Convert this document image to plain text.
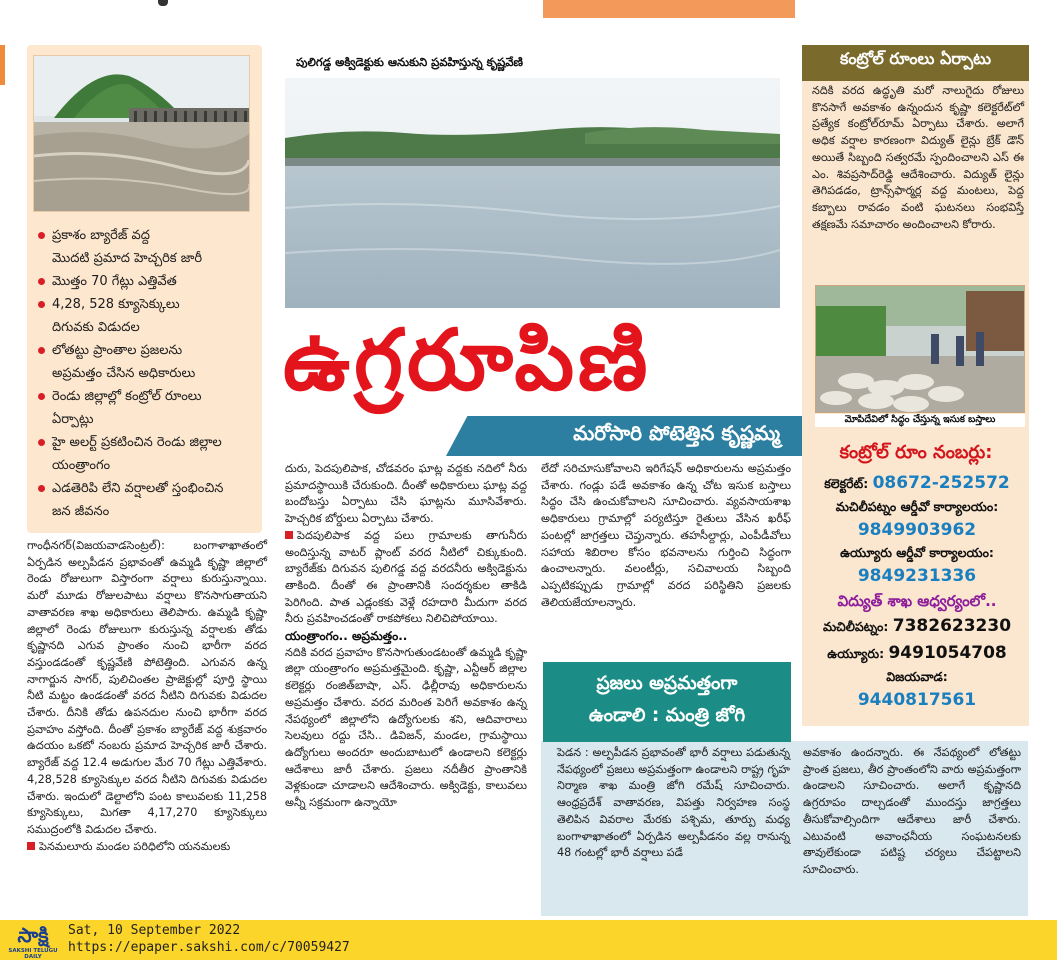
ప్రకాశం బ్యారేజ్ వద్ద
మొదటి ప్రమాద హెచ్చరిక జారీ
మొత్తం 70 గేట్లు ఎత్తివేత
4,28, 528 క్యూసెక్కులు
దిగువకు విడుదల
లోతట్టు ప్రాంతాల ప్రజలను
అప్రమత్తం చేసిన అధికారులు
రెండు జిల్లాల్లో కంట్రోల్ రూంలు
ఏర్పాట్లు
హై అలర్ట్ ప్రకటించిన రెండు జిల్లాల
యంత్రాంగం
ఎడతెరిపి లేని వర్షాలతో స్తంభించిన
జన జీవనం
పులిగడ్డ అక్విడెక్టుకు ఆనుకుని ప్రవహిస్తున్న కృష్ణవేణి
ఉగ్రరూపిణి
మరోసారి పోటెత్తిన కృష్ణమ్మ

గాంధీనగర్(విజయవాడసెంట్రల్): బంగాళాఖాతంలో ఏర్పడిన అల్పపీడన ప్రభావంతో ఉమ్మడి కృష్ణా జిల్లాలో రెండు రోజులుగా విస్తారంగా వర్షాలు కురుస్తున్నాయి. మరో మూడు రోజులపాటు వర్షాలు కొనసాగుతాయని వాతావరణ శాఖ అధికారులు తెలిపారు. ఉమ్మడి కృష్ణా జిల్లాలో రెండు రోజులుగా కురుస్తున్న వర్షాలకు తోడు కృష్ణానది ఎగువ ప్రాంతం నుంచి భారీగా వరద వస్తుండడంతో కృష్ణవేణి పోటెత్తింది. ఎగువన ఉన్న నాగార్జున సాగర్, పులిచింతల ప్రాజెక్టుల్లో పూర్తి స్థాయి నీటి మట్టం ఉండడంతో వరద నీటిని దిగువకు విడుదల చేశారు. దీనికి తోడు ఉపనదుల నుంచి భారీగా వరద ప్రవాహం వస్తోంది. దీంతో ప్రకాశం బ్యారేజ్ వద్ద శుక్రవారం ఉదయం ఒకటో నంబరు ప్రమాద హెచ్చరిక జారీ చేశారు. బ్యారేజ్ వద్ద 12.4 అడుగుల మేర 70 గేట్లు ఎత్తివేశారు. 4,28,528 క్యూసెక్కుల వరద నీటిని దిగువకు విడుదల చేశారు. ఇందులో డెల్టాలోని పంట కాలువలకు 11,258 క్యూసెక్కులు, మిగతా 4,17,270 క్యూసెక్కులు సముద్రంలోకి విడుదల చేశారు.

పెనమలూరు మండల పరిధిలోని యనమలకు

దురు, పెదపులిపాక, చోడవరం ఘాట్ల వద్దకు నదిలో నీరు ప్రమాదస్థాయికి చేరుకుంది. దీంతో అధికారులు ఘాట్ల వద్ద బందోబస్తు ఏర్పాటు చేసి ఘాట్లను మూసివేశారు. హెచ్చరిక బోర్డులు ఏర్పాటు చేశారు.

పెదపులిపాక వద్ద పలు గ్రామాలకు తాగునీరు అందిస్తున్న వాటర్ ప్లాంట్ వరద నీటిలో చిక్కుకుంది. బ్యారేజ్‌కు దిగువన పులిగడ్డ వద్ద వరదనీరు అక్విడెక్టును తాకింది. దీంతో ఈ ప్రాంతానికి సందర్శకుల తాకిడి పెరిగింది. పాత ఎడ్లంకకు వెళ్లే రహదారి మీదుగా వరద నీరు ప్రవహించడంతో రాకపోకలు నిలిచిపోయాయి.

యంత్రాంగం.. అప్రమత్తం..

నదికి వరద ప్రవాహం కొనసాగుతుండటంతో ఉమ్మడి కృష్ణా జిల్లా యంత్రాంగం అప్రమత్తమైంది. కృష్ణా, ఎన్టీఆర్ జిల్లాల కలెక్టర్లు రంజిత్‌బాషా, ఎస్. ఢిల్లీరావు అధికారులను అప్రమత్తం చేశారు. వరద మరింత పెరిగే అవకాశం ఉన్న నేపథ్యంలో జిల్లాలోని ఉద్యోగులకు శని, ఆదివారాలు సెలవులు రద్దు చేసి.. డివిజన్, మండల, గ్రామస్థాయి ఉద్యోగులు అందరూ అందుబాటులో ఉండాలని కలెక్టర్లు ఆదేశాలు జారీ చేశారు. ప్రజలు నదీతీర ప్రాంతానికి వెళ్లకుండా చూడాలని ఆదేశించారు. అక్విడెక్టు, కాలువలు అన్నీ సక్రమంగా ఉన్నాయో

లేదో సరిచూసుకోవాలని ఇరిగేషన్ అధికారులను అప్రమత్తం చేశారు. గండ్లు పడే అవకాశం ఉన్న చోట ఇసుక బస్తాలు సిద్ధం చేసి ఉంచుకోవాలని సూచించారు. వ్యవసాయశాఖ అధికారులు గ్రామాల్లో పర్యటిస్తూ రైతులు వేసిన ఖరీఫ్ పంటల్లో జాగ్రత్తలు చెప్తున్నారు. తహసీల్దార్లు, ఎంపీడీవోలు సహాయ శిబిరాల కోసం భవనాలను గుర్తించి సిద్ధంగా ఉంచాలన్నారు. వలంటీర్లు, సచివాలయ సిబ్బంది ఎప్పటికప్పుడు గ్రామాల్లో వరద పరిస్థితిని ప్రజలకు తెలియజేయాలన్నారు.

ప్రజలు అప్రమత్తంగా
ఉండాలి : మంత్రి జోగి
పెడన : అల్పపీడన ప్రభావంతో భారీ వర్షాలు పడుతున్న నేపథ్యంలో ప్రజలు అప్రమత్తంగా ఉండాలని రాష్ట్ర గృహ నిర్మాణ శాఖ మంత్రి జోగి రమేష్ సూచించారు. ఆంధ్రప్రదేశ్ వాతావరణ, విపత్తు నిర్వహణ సంస్థ తెలిపిన వివరాల మేరకు పశ్చిమ, తూర్పు మధ్య బంగాళాఖాతంలో ఏర్పడిన అల్పపీడనం వల్ల రానున్న 48 గంటల్లో భారీ వర్షాలు పడే
అవకాశం ఉందన్నారు. ఈ నేపథ్యంలో లోతట్టు ప్రాంత ప్రజలు, తీర ప్రాంతంలోని వారు అప్రమత్తంగా ఉండాలని సూచించారు. అలాగే కృష్ణానది ఉగ్రరూపం దాల్చడంతో ముందస్తు జాగ్రత్తలు తీసుకోవాల్సిందిగా ఆదేశాలు జారీ చేశారు. ఎటువంటి అవాంఛనీయ సంఘటనలకు తావులేకుండా పటిష్ట చర్యలు చేపట్టాలని సూచించారు.
కంట్రోల్ రూంలు ఏర్పాటు
నదికి వరద ఉద్ధృతి మరో నాలుగైదు రోజులు కొనసాగే అవకాశం ఉన్నందున కృష్ణా కలెక్టరేట్‌లో ప్రత్యేక కంట్రోల్‌రూమ్ ఏర్పాటు చేశారు. అలాగే అధిక వర్షాల కారణంగా విద్యుత్ లైన్లు బ్రేక్ డౌన్ అయితే సిబ్బంది సత్వరమే స్పందించాలని ఎస్ ఈ ఎం. శివప్రసాద్‌రెడ్డి ఆదేశించారు. విద్యుత్ లైన్లు తెగిపడడం, ట్రాన్స్‌ఫార్మర్ల వద్ద మంటలు, పెద్ద కబ్బాలు రావడం వంటి ఘటనలు సంభవిస్తే తక్షణమే సమాచారం అందించాలని కోరారు.
మోపిదేవిలో సిద్ధం చేస్తున్న ఇసుక బస్తాలు
కంట్రోల్ రూం నంబర్లు:
కలెక్టరేట్: 08672-252572
మచిలీపట్నం ఆర్డీవో కార్యాలయం:
9849903962
ఉయ్యూరు ఆర్డీవో కార్యాలయం:
9849231336
విద్యుత్ శాఖ ఆధ్వర్యంలో..
మచిలీపట్నం: 7382623230
ఉయ్యూరు: 9491054708
విజయవాడ:
9440817561
సాక్షి
SAKSHI TELUGU DAILY
Sat, 10 September 2022
https://epaper.sakshi.com/c/70059427
